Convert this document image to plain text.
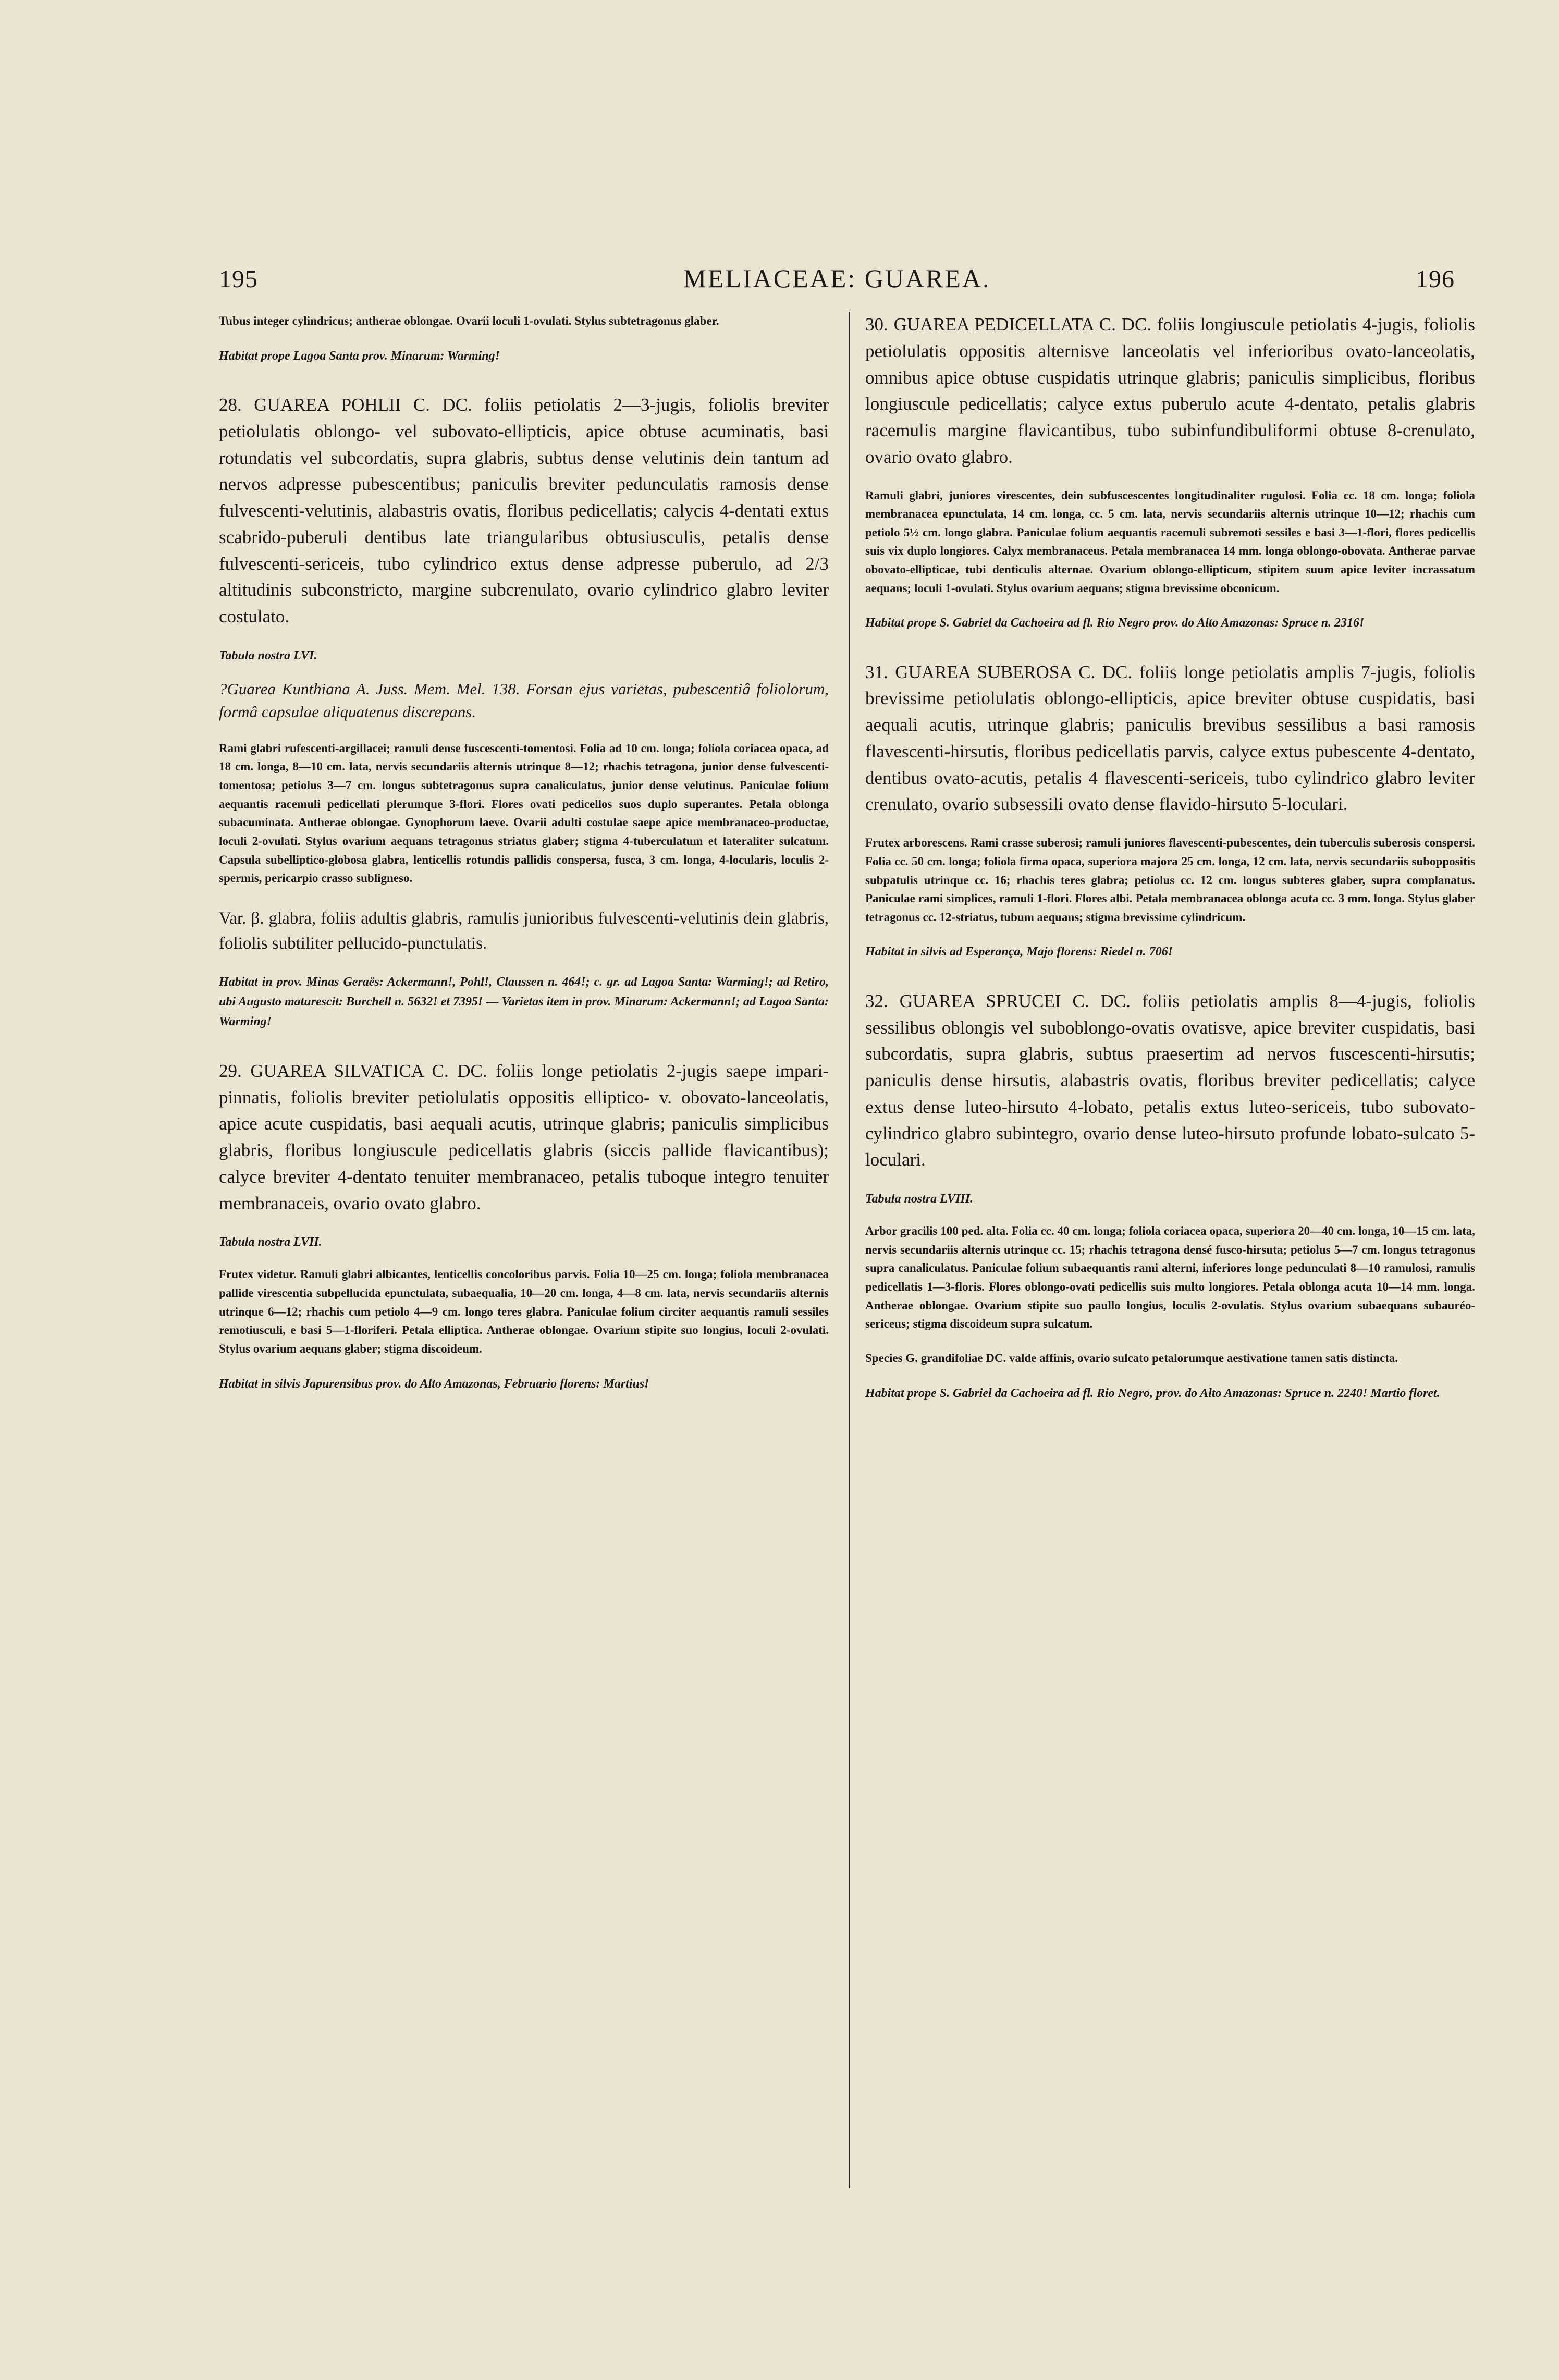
195	MELIACEAE: GUAREA.	196

Tubus integer cylindricus; antherae oblongae. Ovarii loculi 1-ovulati. Stylus subtetragonus glaber.

Habitat prope Lagoa Santa prov. Minarum: Warming!

28. GUAREA POHLII C. DC. foliis petiolatis 2—3-jugis, foliolis breviter petiolulatis oblongo- vel subovato-ellipticis, apice obtuse acuminatis, basi rotundatis vel subcordatis, supra glabris, subtus dense velutinis dein tantum ad nervos adpresse pubescentibus; paniculis breviter pedunculatis ramosis dense fulvescenti-velutinis, alabastris ovatis, floribus pedicellatis; calycis 4-dentati extus scabrido-puberuli dentibus late triangularibus obtusiusculis, petalis dense fulvescenti-sericeis, tubo cylindrico extus dense adpresse puberulo, ad 2/3 altitudinis subconstricto, margine subcrenulato, ovario cylindrico glabro leviter costulato.

Tabula nostra LVI.

?Guarea Kunthiana A. Juss. Mem. Mel. 138. Forsan ejus varietas, pubescentiâ foliolorum, formâ capsulae aliquatenus discrepans.

Rami glabri rufescenti-argillacei; ramuli dense fuscescenti-tomentosi. Folia ad 10 cm. longa; foliola coriacea opaca, ad 18 cm. longa, 8—10 cm. lata, nervis secundariis alternis utrinque 8—12; rhachis tetragona, junior dense fulvescenti-tomentosa; petiolus 3—7 cm. longus subtetragonus supra canaliculatus, junior dense velutinus. Paniculae folium aequantis racemuli pedicellati plerumque 3-flori. Flores ovati pedicellos suos duplo superantes. Petala oblonga subacuminata. Antherae oblongae. Gynophorum laeve. Ovarii adulti costulae saepe apice membranaceo-productae, loculi 2-ovulati. Stylus ovarium aequans tetragonus striatus glaber; stigma 4-tuberculatum et lateraliter sulcatum. Capsula subelliptico-globosa glabra, lenticellis rotundis pallidis conspersa, fusca, 3 cm. longa, 4-locularis, loculis 2-spermis, pericarpio crasso subligneso.

Var. β. glabra, foliis adultis glabris, ramulis junioribus fulvescenti-velutinis dein glabris, foliolis subtiliter pellucido-punctulatis.

Habitat in prov. Minas Geraës: Ackermann!, Pohl!, Claussen n. 464!; c. gr. ad Lagoa Santa: Warming!; ad Retiro, ubi Augusto maturescit: Burchell n. 5632! et 7395! — Varietas item in prov. Minarum: Ackermann!; ad Lagoa Santa: Warming!

29. GUAREA SILVATICA C. DC. foliis longe petiolatis 2-jugis saepe impari-pinnatis, foliolis breviter petiolulatis oppositis elliptico- v. obovato-lanceolatis, apice acute cuspidatis, basi aequali acutis, utrinque glabris; paniculis simplicibus glabris, floribus longiuscule pedicellatis glabris (siccis pallide flavicantibus); calyce breviter 4-dentato tenuiter membranaceo, petalis tuboque integro tenuiter membranaceis, ovario ovato glabro.

Tabula nostra LVII.

Frutex videtur. Ramuli glabri albicantes, lenticellis concoloribus parvis. Folia 10—25 cm. longa; foliola membranacea pallide virescentia subpellucida epunctulata, subaequalia, 10—20 cm. longa, 4—8 cm. lata, nervis secundariis alternis utrinque 6—12; rhachis cum petiolo 4—9 cm. longo teres glabra. Paniculae folium circiter aequantis ramuli sessiles remotiusculi, e basi 5—1-floriferi. Petala elliptica. Antherae oblongae. Ovarium stipite suo longius, loculi 2-ovulati. Stylus ovarium aequans glaber; stigma discoideum.

Habitat in silvis Japurensibus prov. do Alto Amazonas, Februario florens: Martius!

30. GUAREA PEDICELLATA C. DC. foliis longiuscule petiolatis 4-jugis, foliolis petiolulatis oppositis alternisve lanceolatis vel inferioribus ovato-lanceolatis, omnibus apice obtuse cuspidatis utrinque glabris; paniculis simplicibus, floribus longiuscule pedicellatis; calyce extus puberulo acute 4-dentato, petalis glabris racemulis margine flavicantibus, tubo subinfundibuliformi obtuse 8-crenulato, ovario ovato glabro.

Ramuli glabri, juniores virescentes, dein subfuscescentes longitudinaliter rugulosi. Folia cc. 18 cm. longa; foliola membranacea epunctulata, 14 cm. longa, cc. 5 cm. lata, nervis secundariis alternis utrinque 10—12; rhachis cum petiolo 5½ cm. longo glabra. Paniculae folium aequantis racemuli subremoti sessiles e basi 3—1-flori, flores pedicellis suis vix duplo longiores. Calyx membranaceus. Petala membranacea 14 mm. longa oblongo-obovata. Antherae parvae obovato-ellipticae, tubi denticulis alternae. Ovarium oblongo-ellipticum, stipitem suum apice leviter incrassatum aequans; loculi 1-ovulati. Stylus ovarium aequans; stigma brevissime obconicum.

Habitat prope S. Gabriel da Cachoeira ad fl. Rio Negro prov. do Alto Amazonas: Spruce n. 2316!

31. GUAREA SUBEROSA C. DC. foliis longe petiolatis amplis 7-jugis, foliolis brevissime petiolulatis oblongo-ellipticis, apice breviter obtuse cuspidatis, basi aequali acutis, utrinque glabris; paniculis brevibus sessilibus a basi ramosis flavescenti-hirsutis, floribus pedicellatis parvis, calyce extus pubescente 4-dentato, dentibus ovato-acutis, petalis 4 flavescenti-sericeis, tubo cylindrico glabro leviter crenulato, ovario subsessili ovato dense flavido-hirsuto 5-loculari.

Frutex arborescens. Rami crasse suberosi; ramuli juniores flavescenti-pubescentes, dein tuberculis suberosis conspersi. Folia cc. 50 cm. longa; foliola firma opaca, superiora majora 25 cm. longa, 12 cm. lata, nervis secundariis suboppositis subpatulis utrinque cc. 16; rhachis teres glabra; petiolus cc. 12 cm. longus subteres glaber, supra complanatus. Paniculae rami simplices, ramuli 1-flori. Flores albi. Petala membranacea oblonga acuta cc. 3 mm. longa. Stylus glaber tetragonus cc. 12-striatus, tubum aequans; stigma brevissime cylindricum.

Habitat in silvis ad Esperança, Majo florens: Riedel n. 706!

32. GUAREA SPRUCEI C. DC. foliis petiolatis amplis 8—4-jugis, foliolis sessilibus oblongis vel suboblongo-ovatis ovatisve, apice breviter cuspidatis, basi subcordatis, supra glabris, subtus praesertim ad nervos fuscescenti-hirsutis; paniculis dense hirsutis, alabastris ovatis, floribus breviter pedicellatis; calyce extus dense luteo-hirsuto 4-lobato, petalis extus luteo-sericeis, tubo subovato-cylindrico glabro subintegro, ovario dense luteo-hirsuto profunde lobato-sulcato 5-loculari.

Tabula nostra LVIII.

Arbor gracilis 100 ped. alta. Folia cc. 40 cm. longa; foliola coriacea opaca, superiora 20—40 cm. longa, 10—15 cm. lata, nervis secundariis alternis utrinque cc. 15; rhachis tetragona densé fusco-hirsuta; petiolus 5—7 cm. longus tetragonus supra canaliculatus. Paniculae folium subaequantis rami alterni, inferiores longe pedunculati 8—10 ramulosi, ramulis pedicellatis 1—3-floris. Flores oblongo-ovati pedicellis suis multo longiores. Petala oblonga acuta 10—14 mm. longa. Antherae oblongae. Ovarium stipite suo paullo longius, loculis 2-ovulatis. Stylus ovarium subaequans subauréo-sericeus; stigma discoideum supra sulcatum.

Species G. grandifoliae DC. valde affinis, ovario sulcato petalorumque aestivatione tamen satis distincta.

Habitat prope S. Gabriel da Cachoeira ad fl. Rio Negro, prov. do Alto Amazonas: Spruce n. 2240! Martio floret.
